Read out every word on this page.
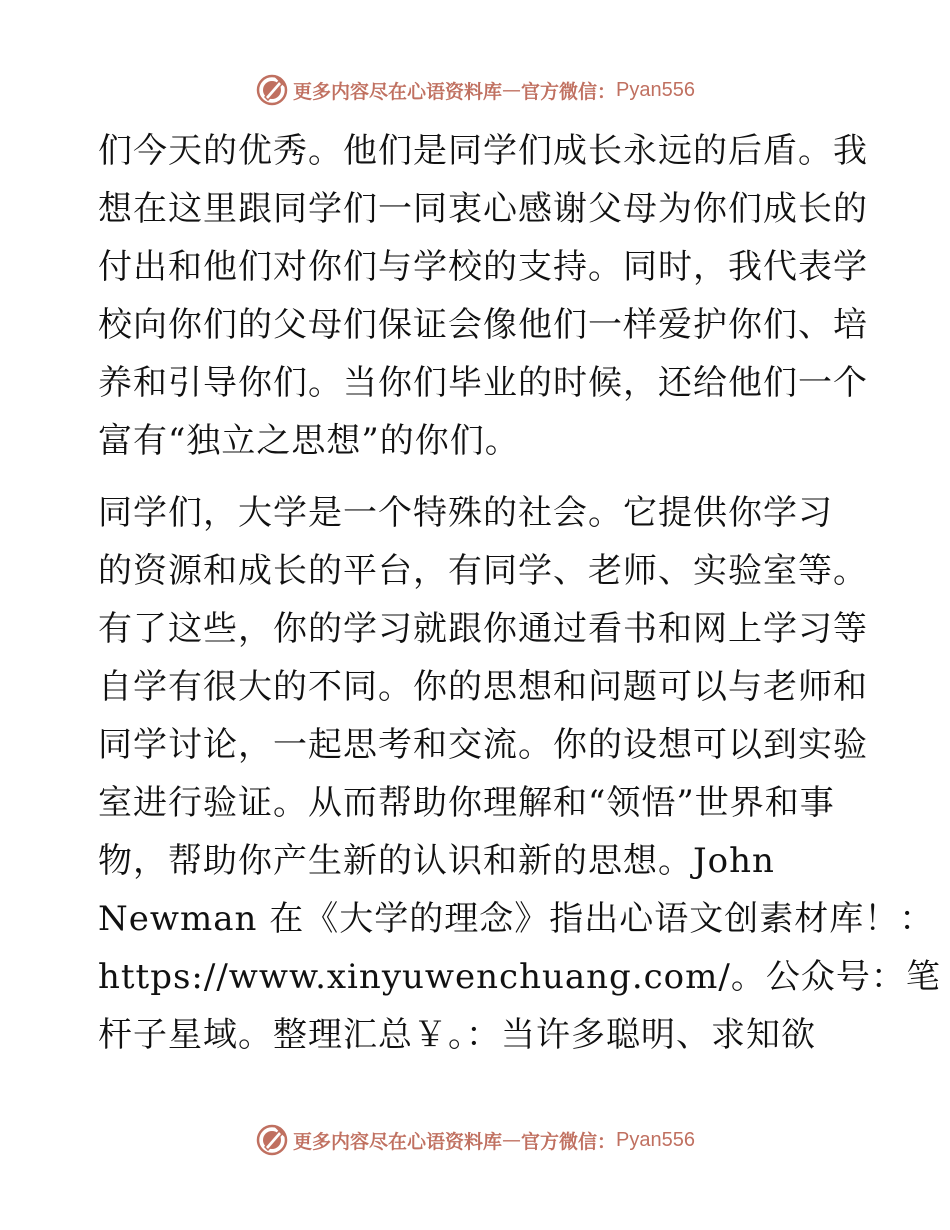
更多内容尽在心语资料库 — 官方微信： Pyan556
们今天的优秀。他们是同学们成长永远的后盾。我
想在这里跟同学们一同衷心感谢父母为你们成长的
付出和他们对你们与学校的支持。同时，我代表学
校向你们的父母们保证会像他们一样爱护你们、培
养和引导你们。当你们毕业的时候，还给他们一个
富有“独立之思想”的你们。
同学们，大学是一个特殊的社会。它提供你学习
的资源和成长的平台，有同学、老师、实验室等。
有了这些，你的学习就跟你通过看书和网上学习等
自学有很大的不同。你的思想和问题可以与老师和
同学讨论，一起思考和交流。你的设想可以到实验
室进行验证。从而帮助你理解和“领悟”世界和事
物，帮助你产生新的认识和新的思想。John
Newman 在《大学的理念》指出心语文创素材库！：
https://www.xinyuwenchuang.com/。公众号：笔
杆子星域。整理汇总￥。：当许多聪明、求知欲
更多内容尽在心语资料库 — 官方微信： Pyan556
